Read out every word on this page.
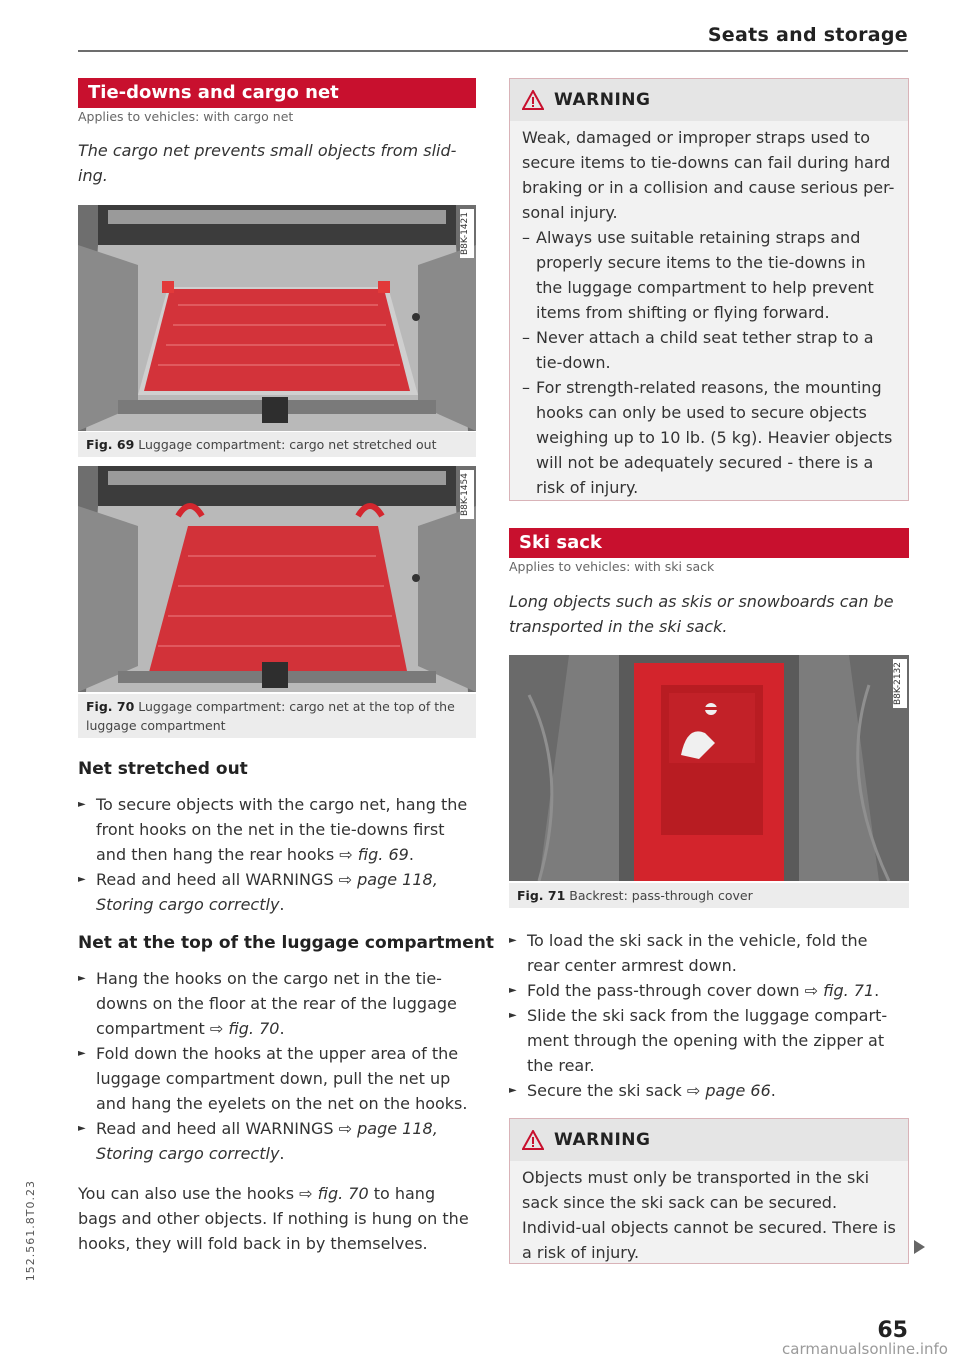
Seats and storage
Tie-downs and cargo net
Applies to vehicles: with cargo net
The cargo net prevents small objects from slid-ing.
B8K-1421
Fig. 69 Luggage compartment: cargo net stretched out
B8K-1454
Fig. 70 Luggage compartment: cargo net at the top of the luggage compartment
Net stretched out
► To secure objects with the cargo net, hang the front hooks on the net in the tie-downs first and then hang the rear hooks ⇨ fig. 69.
► Read and heed all WARNINGS ⇨ page 118, Storing cargo correctly.
Net at the top of the luggage compartment
► Hang the hooks on the cargo net in the tie-downs on the floor at the rear of the luggage compartment ⇨ fig. 70.
► Fold down the hooks at the upper area of the luggage compartment down, pull the net up and hang the eyelets on the net on the hooks.
► Read and heed all WARNINGS ⇨ page 118, Storing cargo correctly.
You can also use the hooks ⇨ fig. 70 to hang bags and other objects. If nothing is hung on the hooks, they will fold back in by themselves.
WARNING
Weak, damaged or improper straps used to secure items to tie-downs can fail during hard braking or in a collision and cause serious per-sonal injury.
– Always use suitable retaining straps and properly secure items to the tie-downs in the luggage compartment to help prevent items from shifting or flying forward.
– Never attach a child seat tether strap to a tie-down.
– For strength-related reasons, the mounting hooks can only be used to secure objects weighing up to 10 lb. (5 kg). Heavier objects will not be adequately secured - there is a risk of injury.
Ski sack
Applies to vehicles: with ski sack
Long objects such as skis or snowboards can be transported in the ski sack.
B8K-2132
Fig. 71 Backrest: pass-through cover
► To load the ski sack in the vehicle, fold the rear center armrest down.
► Fold the pass-through cover down ⇨ fig. 71.
► Slide the ski sack from the luggage compart-ment through the opening with the zipper at the rear.
► Secure the ski sack ⇨ page 66.
WARNING
Objects must only be transported in the ski sack since the ski sack can be secured. Individ-ual objects cannot be secured. There is a risk of injury.
152.561.8T0.23
65
carmanualsonline.info
